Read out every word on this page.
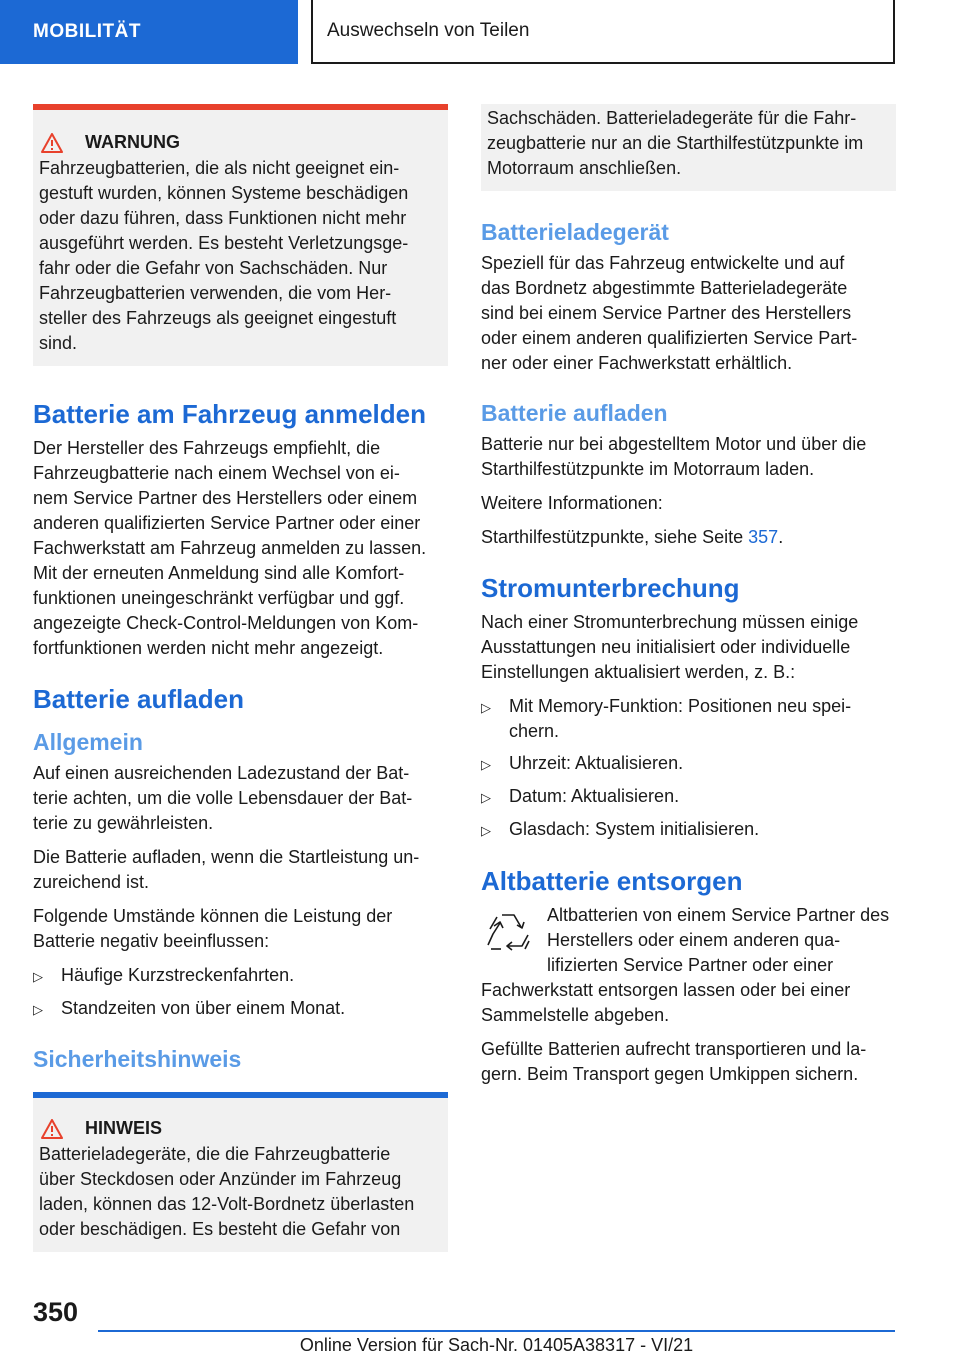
MOBILITÄT	Auswechseln von Teilen
WARNUNG

Fahrzeugbatterien, die als nicht geeignet ein-
gestuft wurden, können Systeme beschädigen
oder dazu führen, dass Funktionen nicht mehr
ausgeführt werden. Es besteht Verletzungsge-
fahr oder die Gefahr von Sachschäden. Nur
Fahrzeugbatterien verwenden, die vom Her-
steller des Fahrzeugs als geeignet eingestuft
sind.

Batterie am Fahrzeug anmelden

Der Hersteller des Fahrzeugs empfiehlt, die
Fahrzeugbatterie nach einem Wechsel von ei-
nem Service Partner des Herstellers oder einem
anderen qualifizierten Service Partner oder einer
Fachwerkstatt am Fahrzeug anmelden zu lassen.
Mit der erneuten Anmeldung sind alle Komfort-
funktionen uneingeschränkt verfügbar und ggf.
angezeigte Check-Control-Meldungen von Kom-
fortfunktionen werden nicht mehr angezeigt.

Batterie aufladen
Allgemein

Auf einen ausreichenden Ladezustand der Bat-
terie achten, um die volle Lebensdauer der Bat-
terie zu gewährleisten.

Die Batterie aufladen, wenn die Startleistung un-
zureichend ist.

Folgende Umstände können die Leistung der
Batterie negativ beeinflussen:

▷	Häufige Kurzstreckenfahrten.
▷	Standzeiten von über einem Monat.
Sicherheitshinweis
HINWEIS

Batterieladegeräte, die die Fahrzeugbatterie
über Steckdosen oder Anzünder im Fahrzeug
laden, können das 12-Volt-Bordnetz überlasten
oder beschädigen. Es besteht die Gefahr von

Sachschäden. Batterieladegeräte für die Fahr-
zeugbatterie nur an die Starthilfestützpunkte im
Motorraum anschließen.

Batterieladegerät

Speziell für das Fahrzeug entwickelte und auf
das Bordnetz abgestimmte Batterieladegeräte
sind bei einem Service Partner des Herstellers
oder einem anderen qualifizierten Service Part-
ner oder einer Fachwerkstatt erhältlich.

Batterie aufladen

Batterie nur bei abgestelltem Motor und über die
Starthilfestützpunkte im Motorraum laden.

Weitere Informationen:

Starthilfestützpunkte, siehe Seite 357.

Stromunterbrechung

Nach einer Stromunterbrechung müssen einige
Ausstattungen neu initialisiert oder individuelle
Einstellungen aktualisiert werden, z. B.:

▷	Mit Memory-Funktion: Positionen neu spei-
chern.
▷	Uhrzeit: Aktualisieren.
▷	Datum: Aktualisieren.
▷	Glasdach: System initialisieren.
Altbatterie entsorgen

Altbatterien von einem Service Partner des Herstellers oder einem anderen qua-lifizierten Service Partner oder einer Fachwerkstatt entsorgen lassen oder bei einer Sammelstelle abgeben.

Gefüllte Batterien aufrecht transportieren und la-
gern. Beim Transport gegen Umkippen sichern.

350
Online Version für Sach-Nr. 01405A38317 - VI/21
